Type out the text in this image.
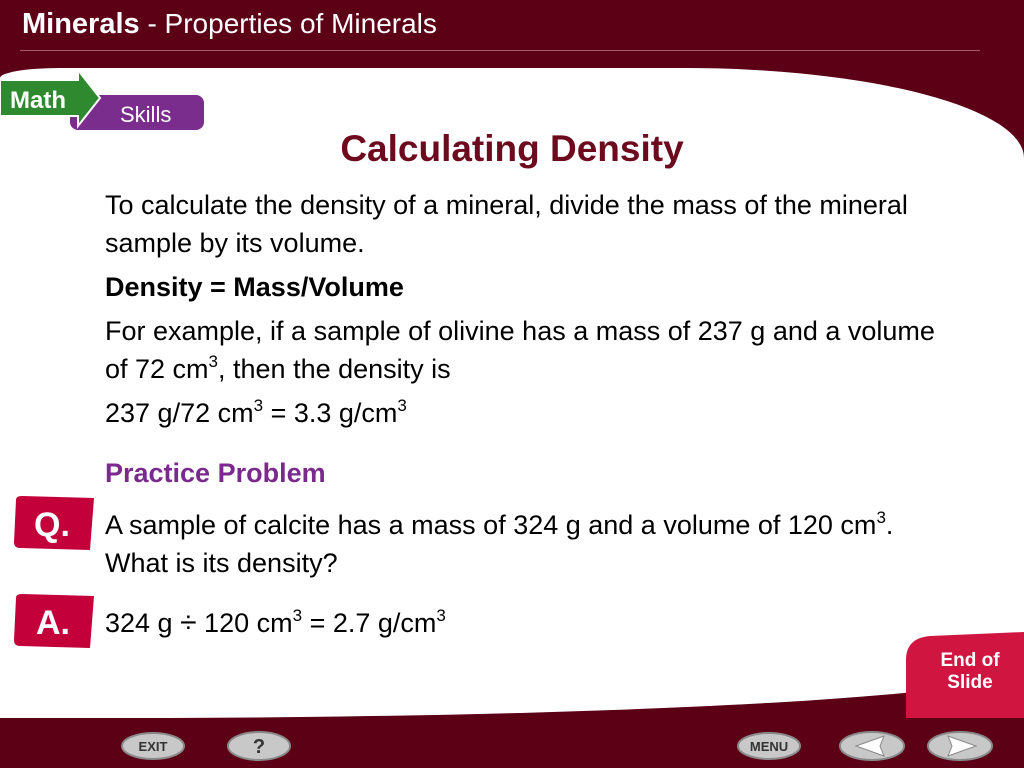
Minerals - Properties of Minerals
Math
Skills
Calculating Density

To calculate the density of a mineral, divide the mass of the mineral sample by its volume.

Density = Mass/Volume

For example, if a sample of olivine has a mass of 237 g and a volume of 72 $cm^3$, then the density is

237 g/72 $cm^3 = 3.3$ $g/cm^3$

Practice Problem

Q. A sample of calcite has a mass of 324 g and a volume of 120 $cm^3$. What is its density?
A. 324 g ÷ 120 $cm^3 = 2.7$ $g/cm^3$
End of
Slide
EXIT	?	MENU
